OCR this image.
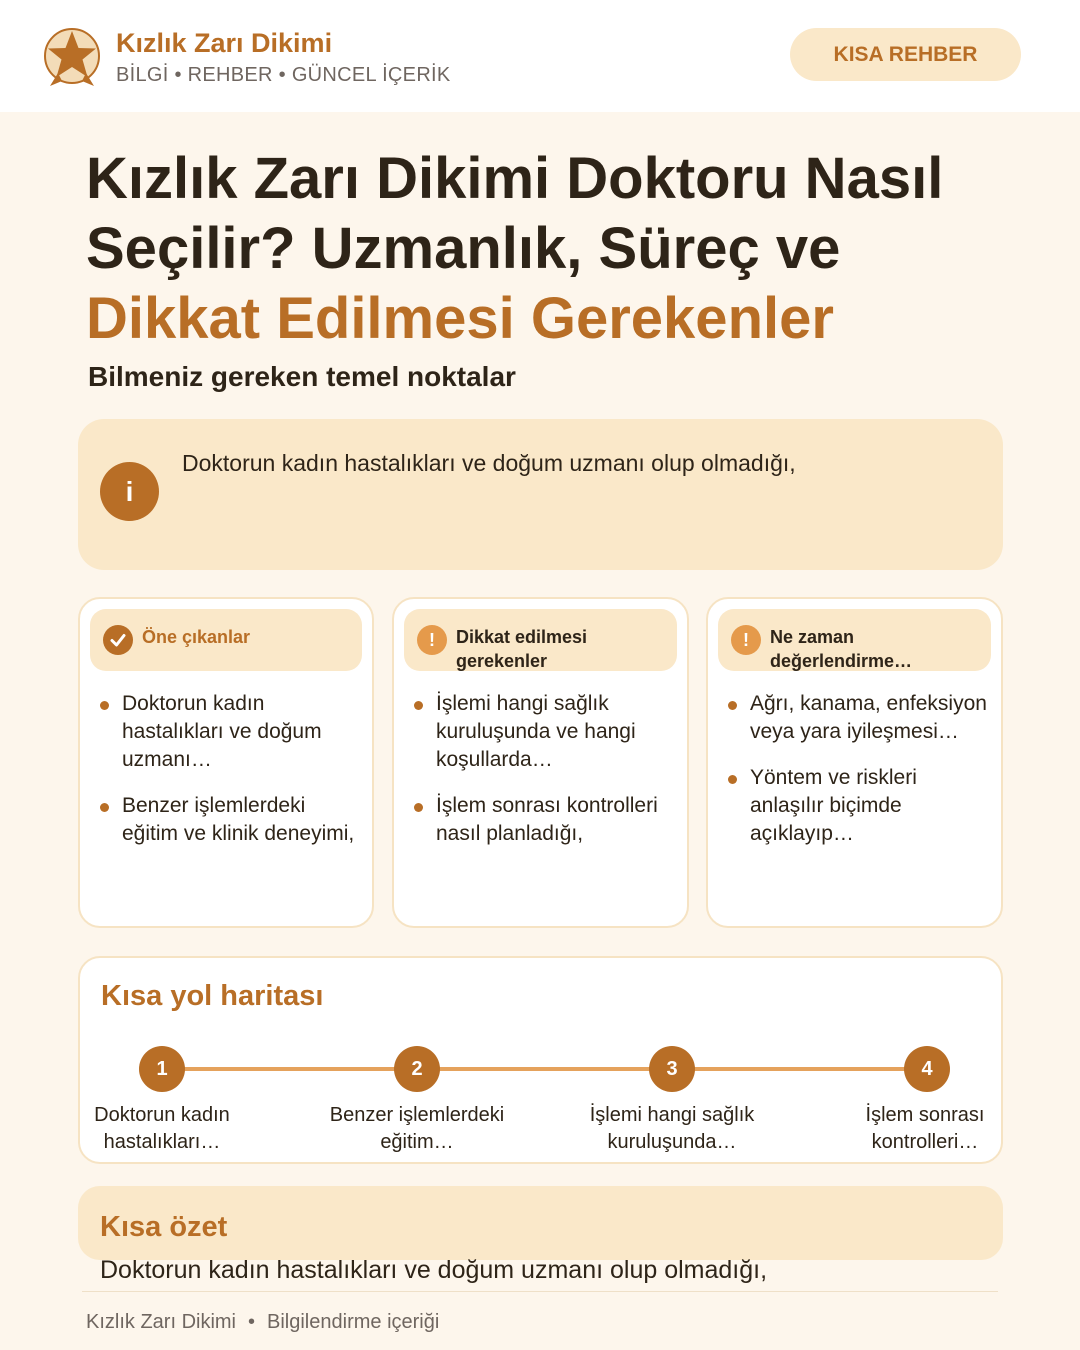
Kızlık Zarı Dikimi
BİLGİ • REHBER • GÜNCEL İÇERİK
KISA REHBER
Kızlık Zarı Dikimi Doktoru Nasıl
Seçilir? Uzmanlık, Süreç ve
Dikkat Edilmesi Gerekenler
Bilmeniz gereken temel noktalar
i
Doktorun kadın hastalıkları ve doğum uzmanı olup olmadığı,
Öne çıkanlar
Doktorun kadın hastalıkları ve doğum uzmanı…
Benzer işlemlerdeki eğitim ve klinik deneyimi,
!	Dikkat edilmesi gerekenler
İşlemi hangi sağlık kuruluşunda ve hangi koşullarda…
İşlem sonrası kontrolleri nasıl planladığı,
!	Ne zaman değerlendirme…
Ağrı, kanama, enfeksiyon veya yara iyileşmesi…
Yöntem ve riskleri anlaşılır biçimde açıklayıp…
Kısa yol haritası
1	2	3	4
Doktorun kadın hastalıkları…
Benzer işlemlerdeki eğitim…
İşlemi hangi sağlık kuruluşunda…
İşlem sonrası kontrolleri…
Kısa özet
Doktorun kadın hastalıkları ve doğum uzmanı olup olmadığı,
Kızlık Zarı Dikimi • Bilgilendirme içeriği
